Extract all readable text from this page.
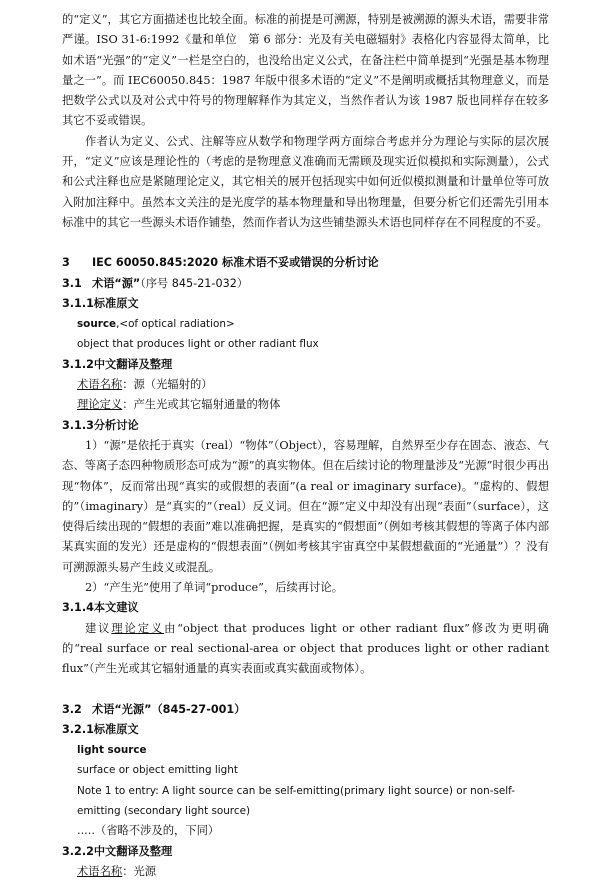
的“定义”，其它方面描述也比较全面。标准的前提是可溯源，特别是被溯源的源头术语，需要非常严谨。ISO 31-6:1992《量和单位　第 6 部分：光及有关电磁辐射》表格化内容显得太简单，比如术语“光强”的“定义”一栏是空白的，也没给出定义公式，在备注栏中简单提到“光强是基本物理量之一”。而 IEC60050.845：1987 年版中很多术语的“定义”不是阐明或概括其物理意义，而是把数学公式以及对公式中符号的物理解释作为其定义，当然作者认为该 1987 版也同样存在较多其它不妥或错误。

作者认为定义、公式、注解等应从数学和物理学两方面综合考虑并分为理论与实际的层次展开，“定义”应该是理论性的（考虑的是物理意义准确而无需顾及现实近似模拟和实际测量），公式和公式注释也应是紧随理论定义，其它相关的展开包括现实中如何近似模拟测量和计量单位等可放入附加注释中。虽然本文关注的是光度学的基本物理量和导出物理量，但要分析它们还需先引用本标准中的其它一些源头术语作铺垫，然而作者认为这些铺垫源头术语也同样存在不同程度的不妥。

3 IEC 60050.845:2020 标准术语不妥或错误的分析讨论
3.1 术语“源”（序号 845-21-032）
3.1.1标准原文
source,<of optical radiation>
object that produces light or other radiant flux
3.1.2中文翻译及整理
术语名称：源（光辐射的）
理论定义：产生光或其它辐射通量的物体
3.1.3分析讨论

1）“源”是依托于真实（real）“物体”（Object），容易理解，自然界至少存在固态、液态、气态、等离子态四种物质形态可成为“源”的真实物体。但在后续讨论的物理量涉及“光源”时很少再出现“物体”，反而常出现“真实的或假想的表面”(a real or imaginary surface)。“虚构的、假想的”（imaginary）是“真实的”（real）反义词。但在“源”定义中却没有出现“表面”（surface），这使得后续出现的“假想的表面”难以准确把握，是真实的“假想面”（例如考核其假想的等离子体内部某真实面的发光）还是虚构的“假想表面”（例如考核其宇宙真空中某假想截面的“光通量”）？没有可溯源源头易产生歧义或混乱。

2）“产生光”使用了单词“produce”，后续再讨论。

3.1.4本文建议

建议理论定义由“object that produces light or other radiant flux”修改为更明确的“real surface or real sectional-area or object that produces light or other radiant flux”（产生光或其它辐射通量的真实表面或真实截面或物体）。

3.2 术语“光源”（845-27-001）
3.2.1标准原文
light source
surface or object emitting light
Note 1 to entry: A light source can be self-emitting(primary light source) or non-self-emitting (secondary light source)
.....（省略不涉及的，下同）
3.2.2中文翻译及整理
术语名称：光源
